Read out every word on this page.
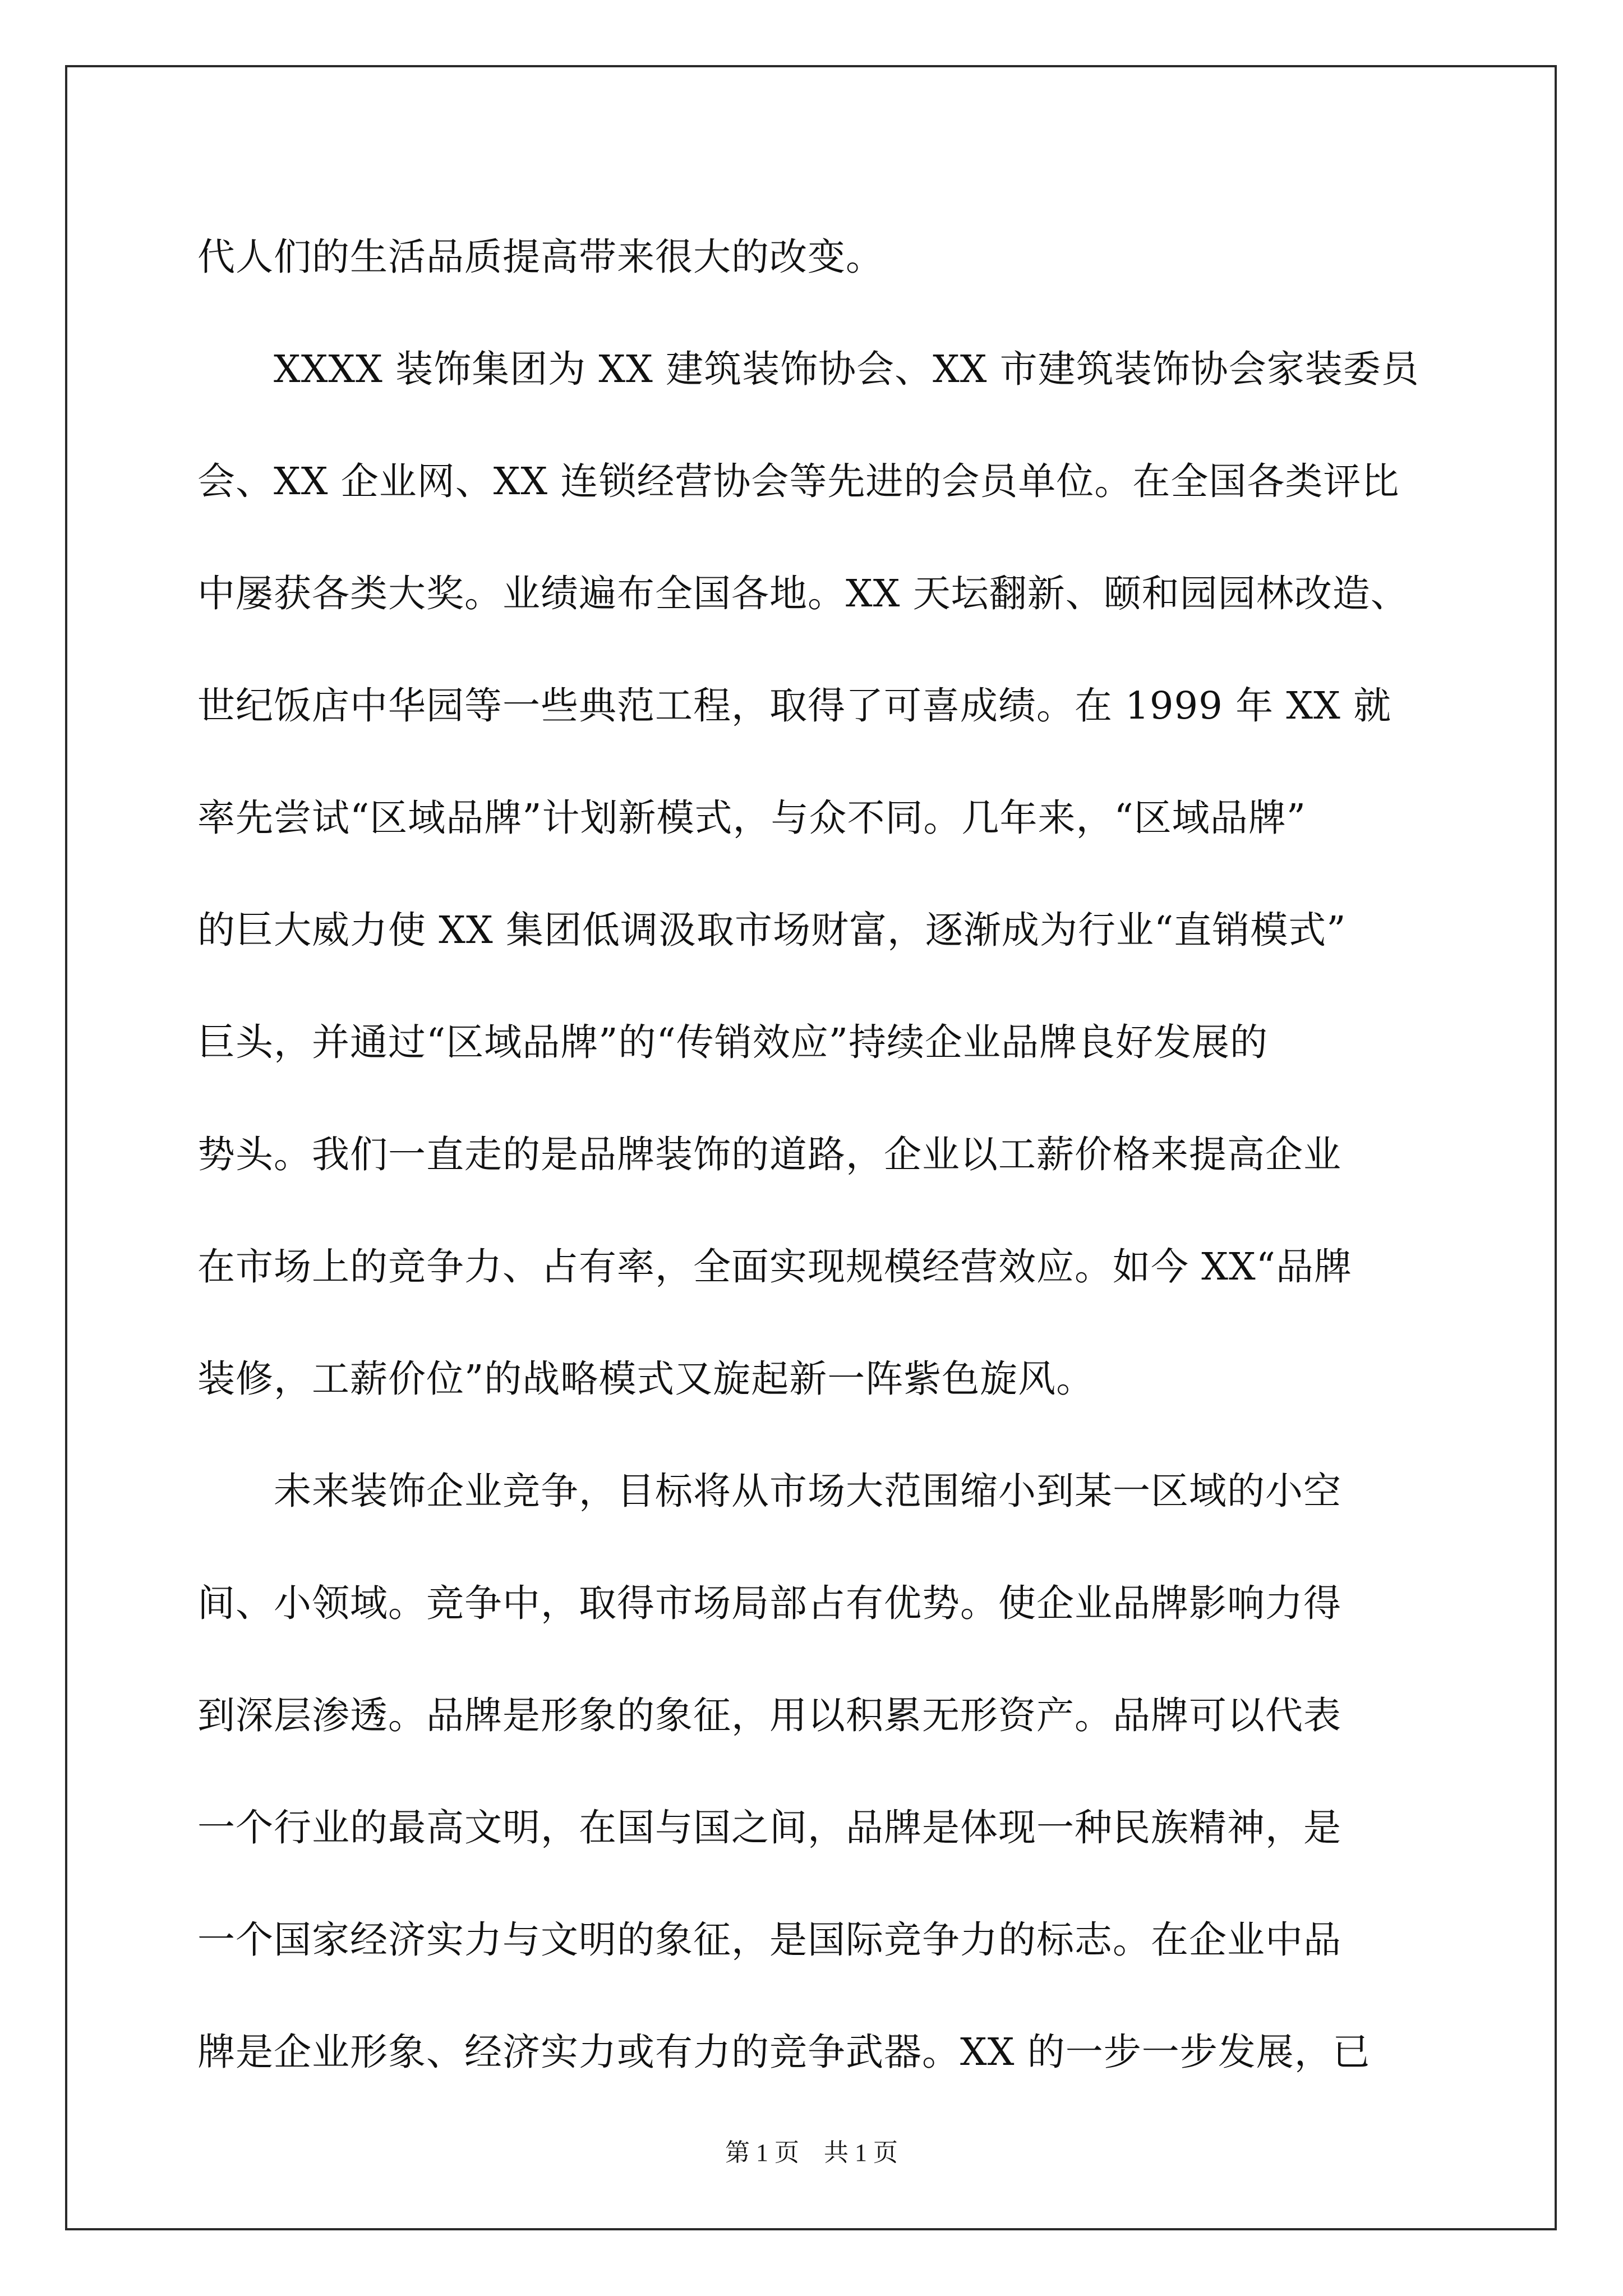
代人们的生活品质提高带来很大的改变。

　　XXXX 装饰集团为 XX 建筑装饰协会、XX 市建筑装饰协会家装委员

会、XX 企业网、XX 连锁经营协会等先进的会员单位。在全国各类评比

中屡获各类大奖。业绩遍布全国各地。XX 天坛翻新、颐和园园林改造、

世纪饭店中华园等一些典范工程，取得了可喜成绩。在 1999 年 XX 就

率先尝试“区域品牌”计划新模式，与众不同。几年来，“区域品牌”

的巨大威力使 XX 集团低调汲取市场财富，逐渐成为行业“直销模式”

巨头，并通过“区域品牌”的“传销效应”持续企业品牌良好发展的

势头。我们一直走的是品牌装饰的道路，企业以工薪价格来提高企业

在市场上的竞争力、占有率，全面实现规模经营效应。如今 XX“品牌

装修，工薪价位”的战略模式又旋起新一阵紫色旋风。

　　未来装饰企业竞争，目标将从市场大范围缩小到某一区域的小空

间、小领域。竞争中，取得市场局部占有优势。使企业品牌影响力得

到深层渗透。品牌是形象的象征，用以积累无形资产。品牌可以代表

一个行业的最高文明，在国与国之间，品牌是体现一种民族精神，是

一个国家经济实力与文明的象征，是国际竞争力的标志。在企业中品

牌是企业形象、经济实力或有力的竞争武器。XX 的一步一步发展，已

第 1 页　共 1 页
